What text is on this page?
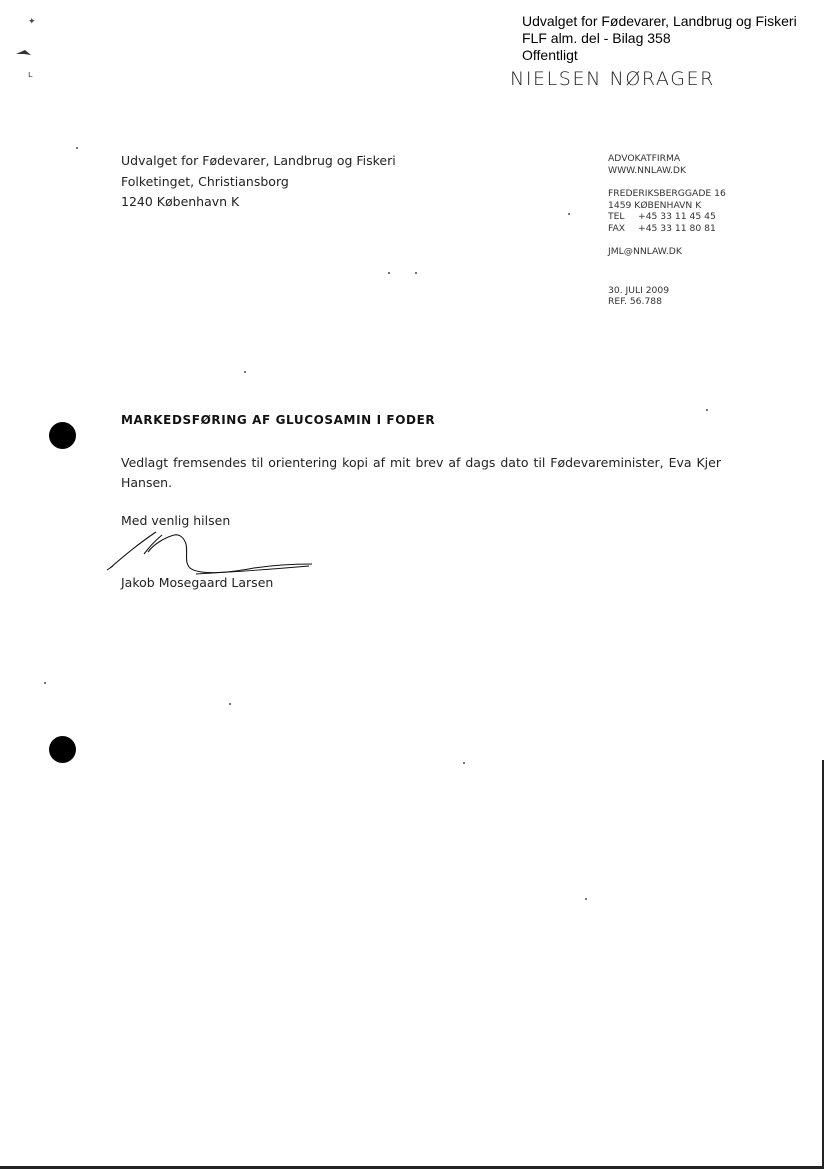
✦
ʟ
Udvalget for Fødevarer, Landbrug og Fiskeri
FLF alm. del - Bilag 358
Offentligt
NIELSEN NØRAGER
Udvalget for Fødevarer, Landbrug og Fiskeri
Folketinget, Christiansborg
1240 København K
ADVOKATFIRMA
WWW.NNLAW.DK
FREDERIKSBERGGADE 16
1459 KØBENHAVN K
TEL	+45 33 11 45 45
FAX	+45 33 11 80 81
JML@NNLAW.DK
30. JULI 2009
REF. 56.788
MARKEDSFØRING AF GLUCOSAMIN I FODER
Vedlagt fremsendes til orientering kopi af mit brev af dags dato til Fødevareminister, Eva Kjer Hansen.
Med venlig hilsen
Jakob Mosegaard Larsen
